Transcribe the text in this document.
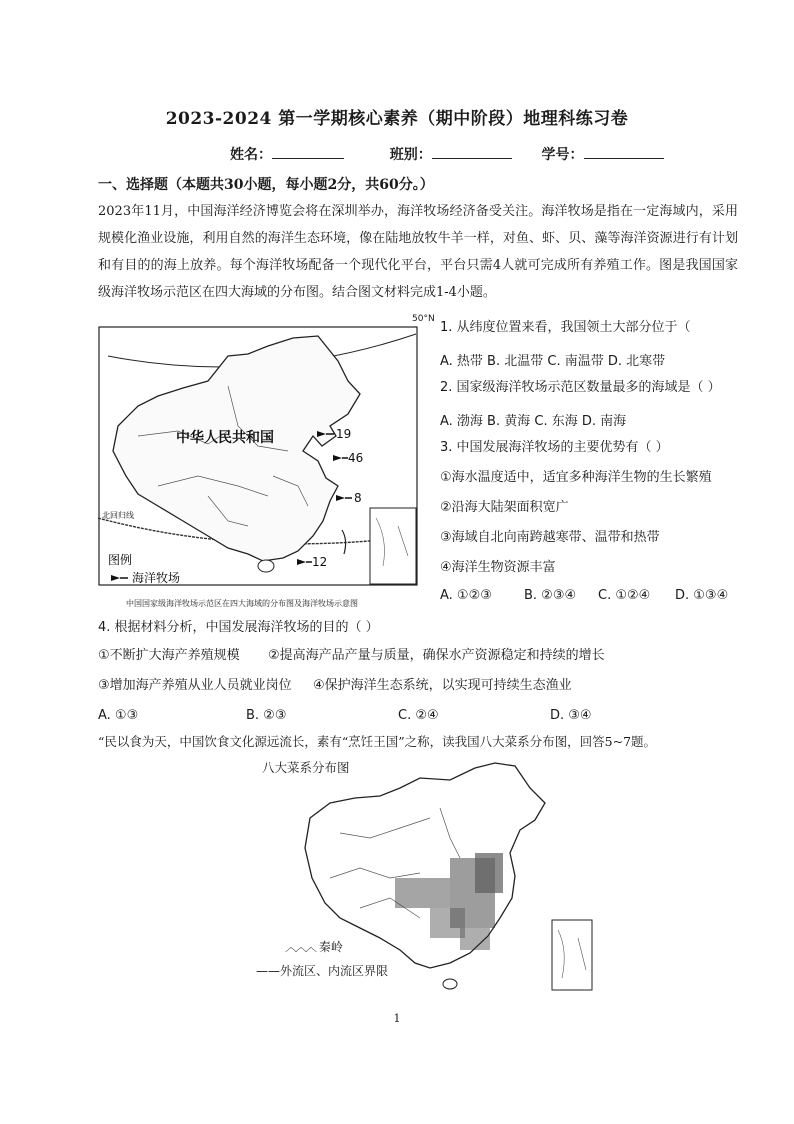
2023-2024 第一学期核心素养（期中阶段）地理科练习卷
姓名：	班别：	学号：
一、选择题（本题共30小题，每小题2分，共60分。）
2023年11月，中国海洋经济博览会将在深圳举办，海洋牧场经济备受关注。海洋牧场是指在一定海域内，采用规模化渔业设施，利用自然的海洋生态环境，像在陆地放牧牛羊一样，对鱼、虾、贝、藻等海洋资源进行有计划和有目的的海上放养。每个海洋牧场配备一个现代化平台，平台只需4人就可完成所有养殖工作。图是我国国家级海洋牧场示范区在四大海域的分布图。结合图文材料完成1-4小题。
中华人民共和国
北回归线
19
46
8
12
图例
海洋牧场
50°N
中国国家级海洋牧场示范区在四大海域的分布图及海洋牧场示意图
1. 从纬度位置来看，我国领土大部分位于（
A. 热带 B. 北温带 C. 南温带 D. 北寒带
2. 国家级海洋牧场示范区数量最多的海域是（ ）
A. 渤海 B. 黄海 C. 东海 D. 南海
3. 中国发展海洋牧场的主要优势有（ ）
①海水温度适中，适宜多种海洋生物的生长繁殖
②沿海大陆架面积宽广
③海域自北向南跨越寒带、温带和热带
④海洋生物资源丰富
A. ①②③ B. ②③④ C. ①②④ D. ①③④
4. 根据材料分析，中国发展海洋牧场的目的（ ）
①不断扩大海产养殖规模 ②提高海产品产量与质量，确保水产资源稳定和持续的增长
③增加海产养殖从业人员就业岗位 ④保护海洋生态系统，以实现可持续生态渔业
A. ①③	B. ②③	C. ②④	D. ③④
“民以食为天，中国饮食文化源远流长，素有“烹饪王国”之称，读我国八大菜系分布图，回答5~7题。
八大菜系分布图
︿︿︿ 秦岭
——外流区、内流区界限
1
